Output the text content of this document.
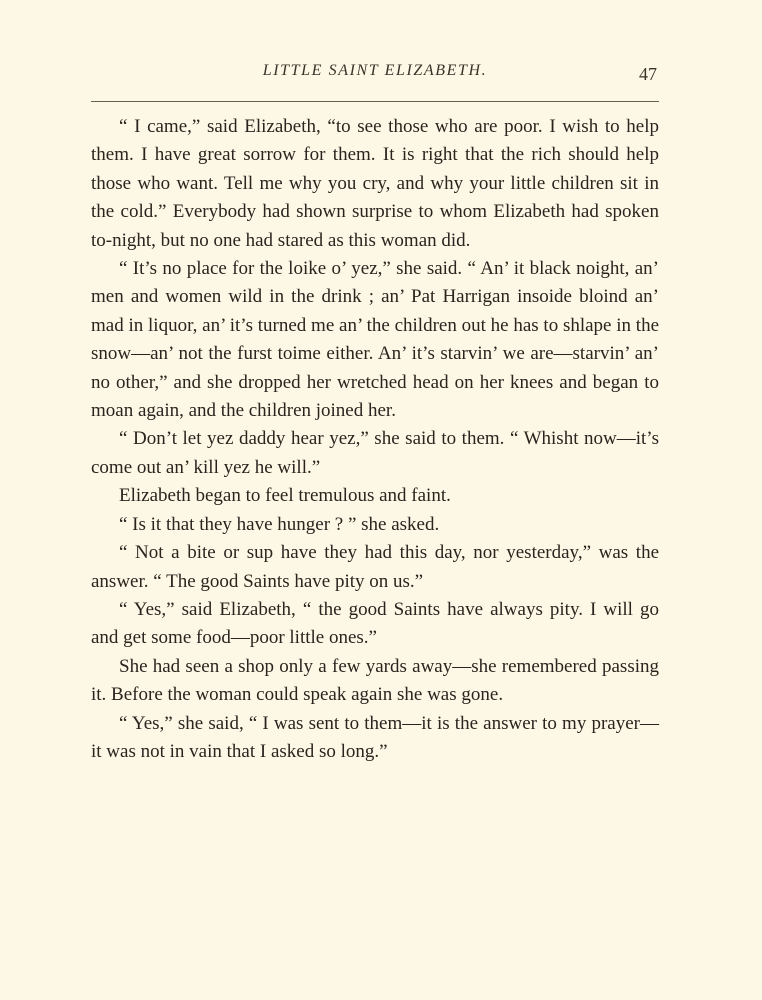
LITTLE SAINT ELIZABETH.	47

“ I came,” said Elizabeth, “to see those who are poor. I wish to help them. I have great sorrow for them. It is right that the rich should help those who want. Tell me why you cry, and why your little children sit in the cold.” Everybody had shown surprise to whom Elizabeth had spoken to-night, but no one had stared as this woman did.

“ It’s no place for the loike o’ yez,” she said. “ An’ it black noight, an’ men and women wild in the drink ; an’ Pat Harrigan insoide bloind an’ mad in liquor, an’ it’s turned me an’ the children out he has to shlape in the snow—an’ not the furst toime either. An’ it’s starvin’ we are—starvin’ an’ no other,” and she dropped her wretched head on her knees and began to moan again, and the children joined her.

“ Don’t let yez daddy hear yez,” she said to them. “ Whisht now—it’s come out an’ kill yez he will.”

Elizabeth began to feel tremulous and faint.

“ Is it that they have hunger ? ” she asked.

“ Not a bite or sup have they had this day, nor yesterday,” was the answer. “ The good Saints have pity on us.”

“ Yes,” said Elizabeth, “ the good Saints have always pity. I will go and get some food—poor little ones.”

She had seen a shop only a few yards away—she remembered passing it. Before the woman could speak again she was gone.

“ Yes,” she said, “ I was sent to them—it is the answer to my prayer—it was not in vain that I asked so long.”
